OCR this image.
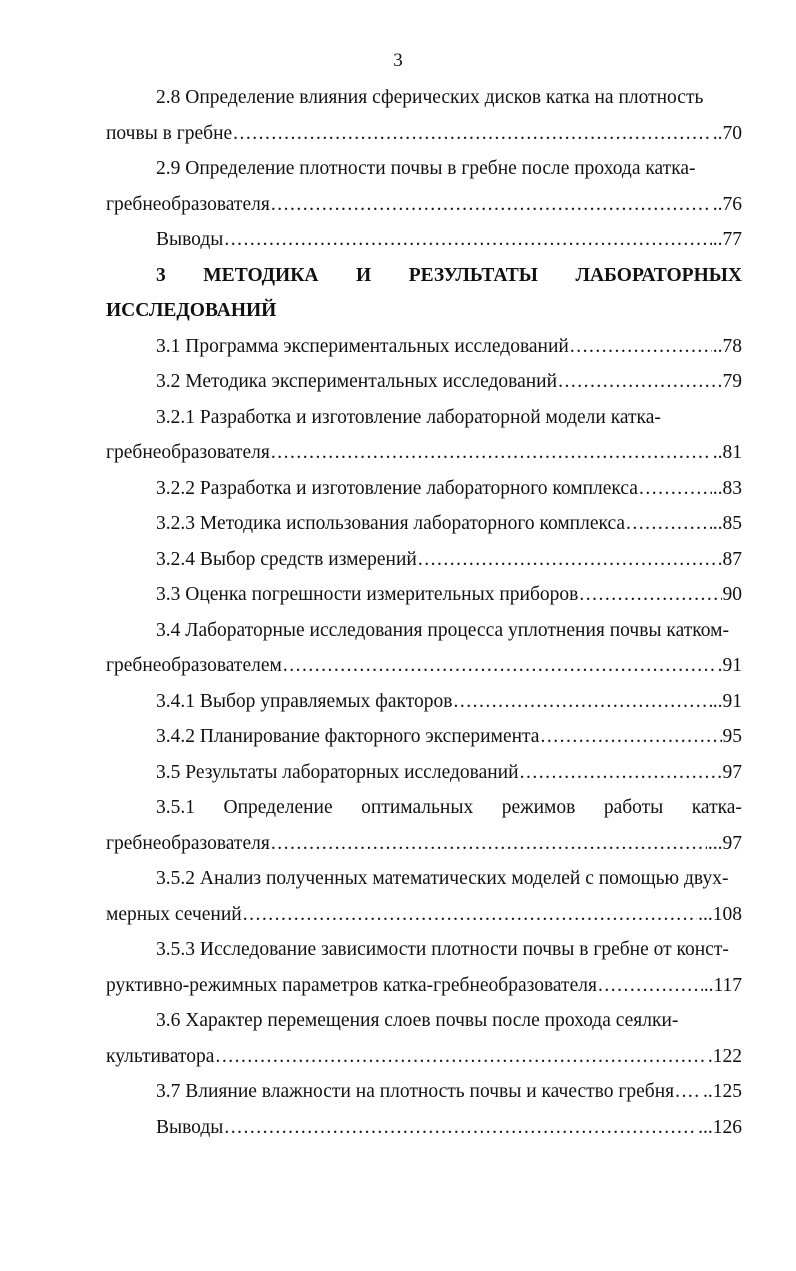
3

2.8 Определение влияния сферических дисков катка на плотность

почвы в гребне .....	..70

2.9 Определение плотности почвы в гребне после прохода катка-

гребнеобразователя .....	..76
Выводы .....	..77
3 МЕТОДИКА И РЕЗУЛЬТАТЫ ЛАБОРАТОРНЫХ
ИССЛЕДОВАНИЙ
3.1 Программа экспериментальных исследований .....	..78
3.2 Методика экспериментальных исследований .....	79

3.2.1 Разработка и изготовление лабораторной модели катка-

гребнеобразователя .....	..81
3.2.2 Разработка и изготовление лабораторного комплекса .....	..83
3.2.3 Методика использования лабораторного комплекса .....	..85
3.2.4 Выбор средств измерений .....	.87
3.3 Оценка погрешности измерительных приборов .....	90

3.4 Лабораторные исследования процесса уплотнения почвы катком-

гребнеобразователем .....	.91
3.4.1 Выбор управляемых факторов .....	..91
3.4.2 Планирование факторного эксперимента .....	95
3.5 Результаты лабораторных исследований .....	97
3.5.1 Определение оптимальных режимов работы катка-
гребнеобразователя .....	...97

3.5.2 Анализ полученных математических моделей с помощью двух-

мерных сечений .....	...108

3.5.3 Исследование зависимости плотности почвы в гребне от конст-

руктивно-режимных параметров катка-гребнеобразователя .....	..117

3.6 Характер перемещения слоев почвы после прохода сеялки-

культиватора .....	.122
3.7 Влияние влажности на плотность почвы и качество гребня ..... ..125
Выводы .....	...126
